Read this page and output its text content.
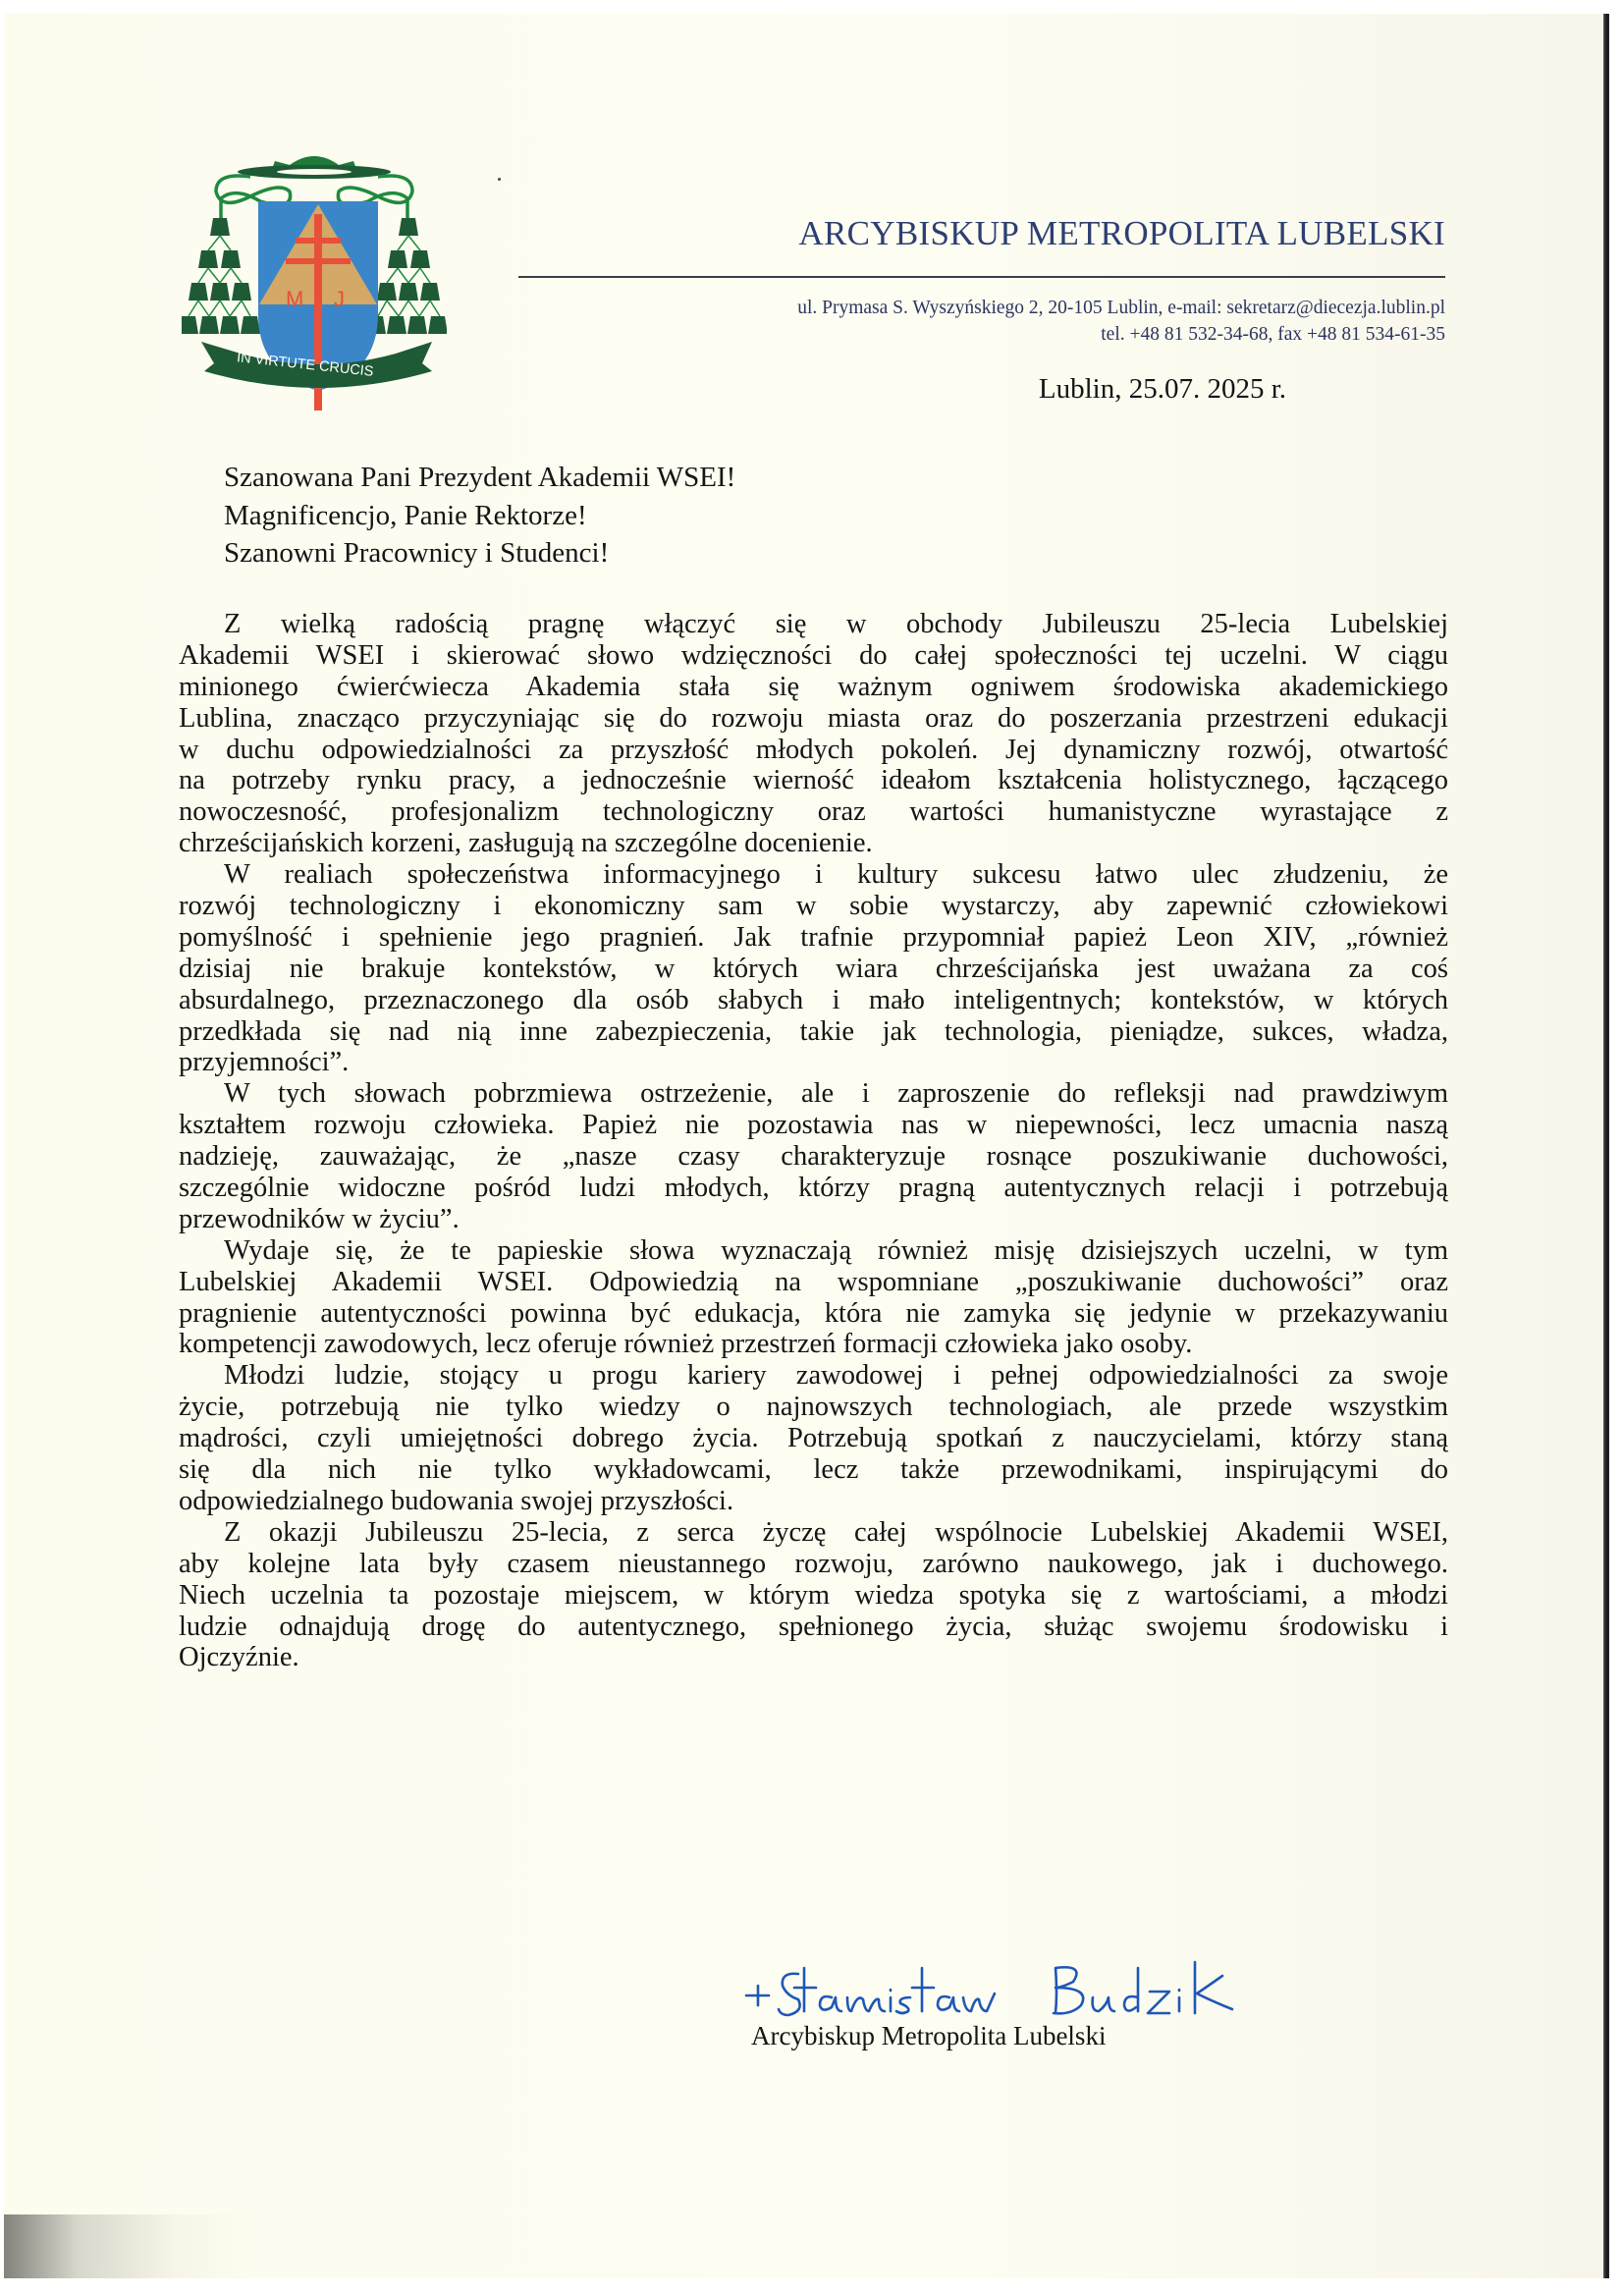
M J
IN VIRTUTE CRUCIS
ARCYBISKUP METROPOLITA LUBELSKI
ul. Prymasa S. Wyszyńskiego 2, 20-105 Lublin, e-mail: sekretarz@diecezja.lublin.pl
tel. +48 81 532-34-68, fax +48 81 534-61-35
Lublin, 25.07. 2025 r.
Szanowana Pani Prezydent Akademii WSEI!
Magnificencjo, Panie Rektorze!
Szanowni Pracownicy i Studenci!
Z wielką radością pragnę włączyć się w obchody Jubileuszu 25-lecia Lubelskiej
Akademii WSEI i skierować słowo wdzięczności do całej społeczności tej uczelni. W ciągu
minionego ćwierćwiecza Akademia stała się ważnym ogniwem środowiska akademickiego
Lublina, znacząco przyczyniając się do rozwoju miasta oraz do poszerzania przestrzeni edukacji
w duchu odpowiedzialności za przyszłość młodych pokoleń. Jej dynamiczny rozwój, otwartość
na potrzeby rynku pracy, a jednocześnie wierność ideałom kształcenia holistycznego, łączącego
nowoczesność, profesjonalizm technologiczny oraz wartości humanistyczne wyrastające z
chrześcijańskich korzeni, zasługują na szczególne docenienie.
W realiach społeczeństwa informacyjnego i kultury sukcesu łatwo ulec złudzeniu, że
rozwój technologiczny i ekonomiczny sam w sobie wystarczy, aby zapewnić człowiekowi
pomyślność i spełnienie jego pragnień. Jak trafnie przypomniał papież Leon XIV, „również
dzisiaj nie brakuje kontekstów, w których wiara chrześcijańska jest uważana za coś
absurdalnego, przeznaczonego dla osób słabych i mało inteligentnych; kontekstów, w których
przedkłada się nad nią inne zabezpieczenia, takie jak technologia, pieniądze, sukces, władza,
przyjemności”.
W tych słowach pobrzmiewa ostrzeżenie, ale i zaproszenie do refleksji nad prawdziwym
kształtem rozwoju człowieka. Papież nie pozostawia nas w niepewności, lecz umacnia naszą
nadzieję, zauważając, że „nasze czasy charakteryzuje rosnące poszukiwanie duchowości,
szczególnie widoczne pośród ludzi młodych, którzy pragną autentycznych relacji i potrzebują
przewodników w życiu”.
Wydaje się, że te papieskie słowa wyznaczają również misję dzisiejszych uczelni, w tym
Lubelskiej Akademii WSEI. Odpowiedzią na wspomniane „poszukiwanie duchowości” oraz
pragnienie autentyczności powinna być edukacja, która nie zamyka się jedynie w przekazywaniu
kompetencji zawodowych, lecz oferuje również przestrzeń formacji człowieka jako osoby.
Młodzi ludzie, stojący u progu kariery zawodowej i pełnej odpowiedzialności za swoje
życie, potrzebują nie tylko wiedzy o najnowszych technologiach, ale przede wszystkim
mądrości, czyli umiejętności dobrego życia. Potrzebują spotkań z nauczycielami, którzy staną
się dla nich nie tylko wykładowcami, lecz także przewodnikami, inspirującymi do
odpowiedzialnego budowania swojej przyszłości.
Z okazji Jubileuszu 25-lecia, z serca życzę całej wspólnocie Lubelskiej Akademii WSEI,
aby kolejne lata były czasem nieustannego rozwoju, zarówno naukowego, jak i duchowego.
Niech uczelnia ta pozostaje miejscem, w którym wiedza spotyka się z wartościami, a młodzi
ludzie odnajdują drogę do autentycznego, spełnionego życia, służąc swojemu środowisku i
Ojczyźnie.
Arcybiskup Metropolita Lubelski
